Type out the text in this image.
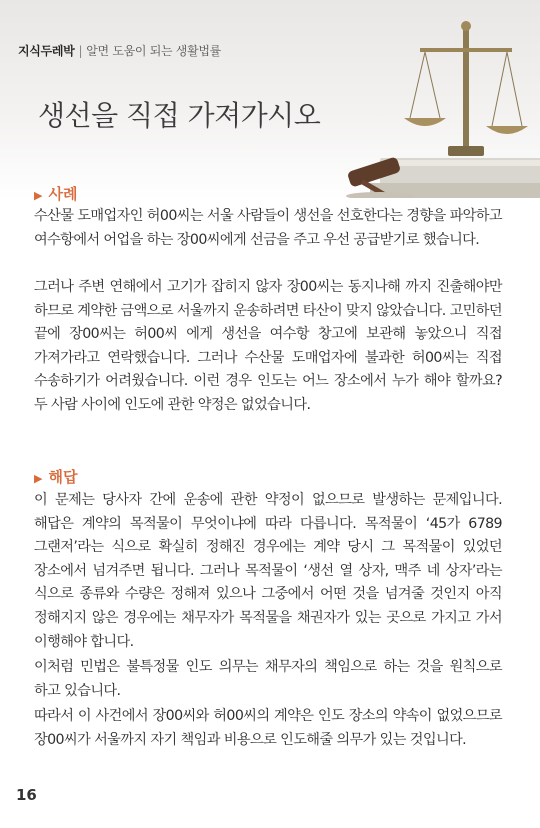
지식두레박 | 알면 도움이 되는 생활법률
생선을 직접 가져가시오
▶ 사례
수산물 도매업자인 허00씨는 서울 사람들이 생선을 선호한다는 경향을 파악하고 여수항에서 어업을 하는 장00씨에게 선금을 주고 우선 공급받기로 했습니다.
그러나 주변 연해에서 고기가 잡히지 않자 장00씨는 동지나해 까지 진출해야만 하므로 계약한 금액으로 서울까지 운송하려면 타산이 맞지 않았습니다. 고민하던 끝에 장00씨는 허00씨 에게 생선을 여수항 창고에 보관해 놓았으니 직접 가져가라고 연락했습니다. 그러나 수산물 도매업자에 불과한 허00씨는 직접 수송하기가 어려웠습니다. 이런 경우 인도는 어느 장소에서 누가 해야 할까요? 두 사람 사이에 인도에 관한 약정은 없었습니다.
▶ 해답
이 문제는 당사자 간에 운송에 관한 약정이 없으므로 발생하는 문제입니다. 해답은 계약의 목적물이 무엇이냐에 따라 다릅니다. 목적물이 ‘45가 6789 그랜저’라는 식으로 확실히 정해진 경우에는 계약 당시 그 목적물이 있었던 장소에서 넘겨주면 됩니다. 그러나 목적물이 ‘생선 열 상자, 맥주 네 상자’라는 식으로 종류와 수량은 정해져 있으나 그중에서 어떤 것을 넘겨줄 것인지 아직 정해지지 않은 경우에는 채무자가 목적물을 채권자가 있는 곳으로 가지고 가서 이행해야 합니다.
이처럼 민법은 불특정물 인도 의무는 채무자의 책임으로 하는 것을 원칙으로 하고 있습니다.
따라서 이 사건에서 장00씨와 허00씨의 계약은 인도 장소의 약속이 없었으므로 장00씨가 서울까지 자기 책임과 비용으로 인도해줄 의무가 있는 것입니다.
16
